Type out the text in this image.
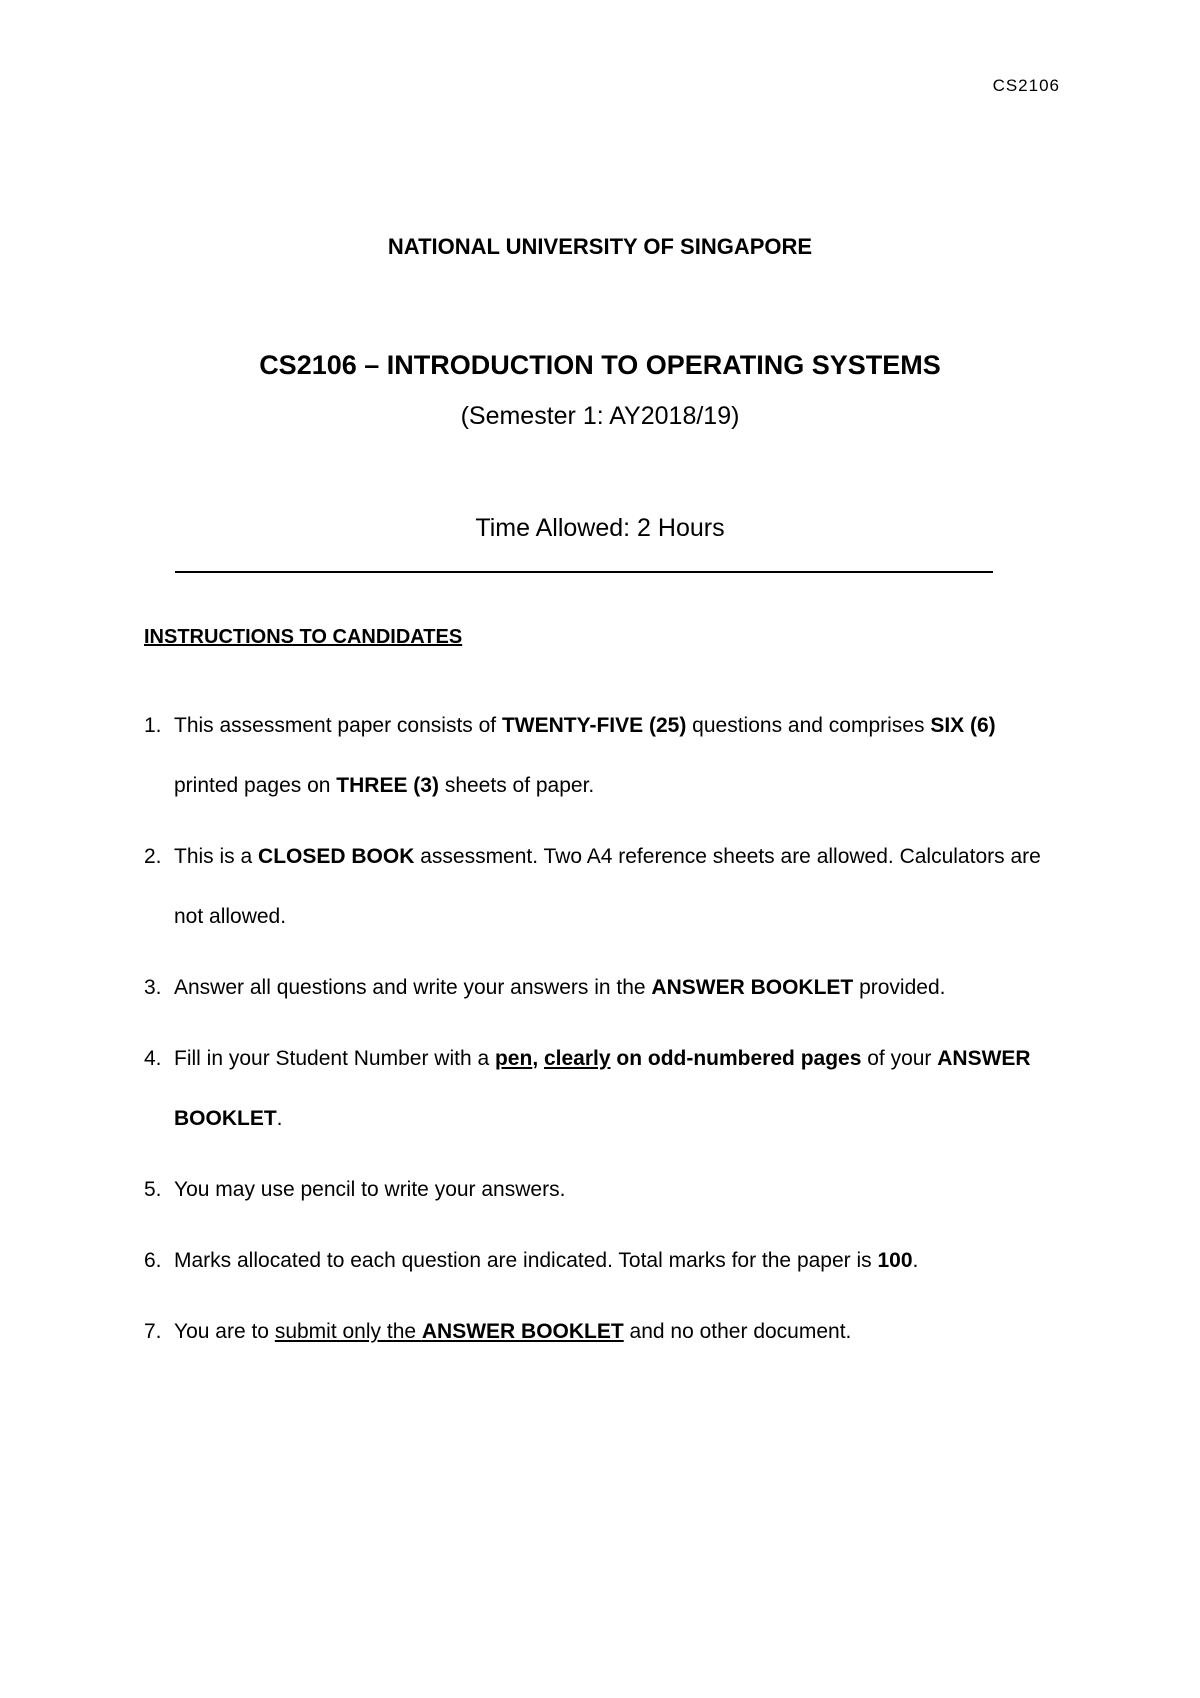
CS2106
NATIONAL UNIVERSITY OF SINGAPORE
CS2106 – INTRODUCTION TO OPERATING SYSTEMS
(Semester 1: AY2018/19)
Time Allowed: 2 Hours
INSTRUCTIONS TO CANDIDATES
1. This assessment paper consists of TWENTY-FIVE (25) questions and comprises SIX (6) printed pages on THREE (3) sheets of paper.
2. This is a CLOSED BOOK assessment. Two A4 reference sheets are allowed. Calculators are not allowed.
3. Answer all questions and write your answers in the ANSWER BOOKLET provided.
4. Fill in your Student Number with a pen, clearly on odd-numbered pages of your ANSWER BOOKLET.
5. You may use pencil to write your answers.
6. Marks allocated to each question are indicated. Total marks for the paper is 100.
7. You are to submit only the ANSWER BOOKLET and no other document.
